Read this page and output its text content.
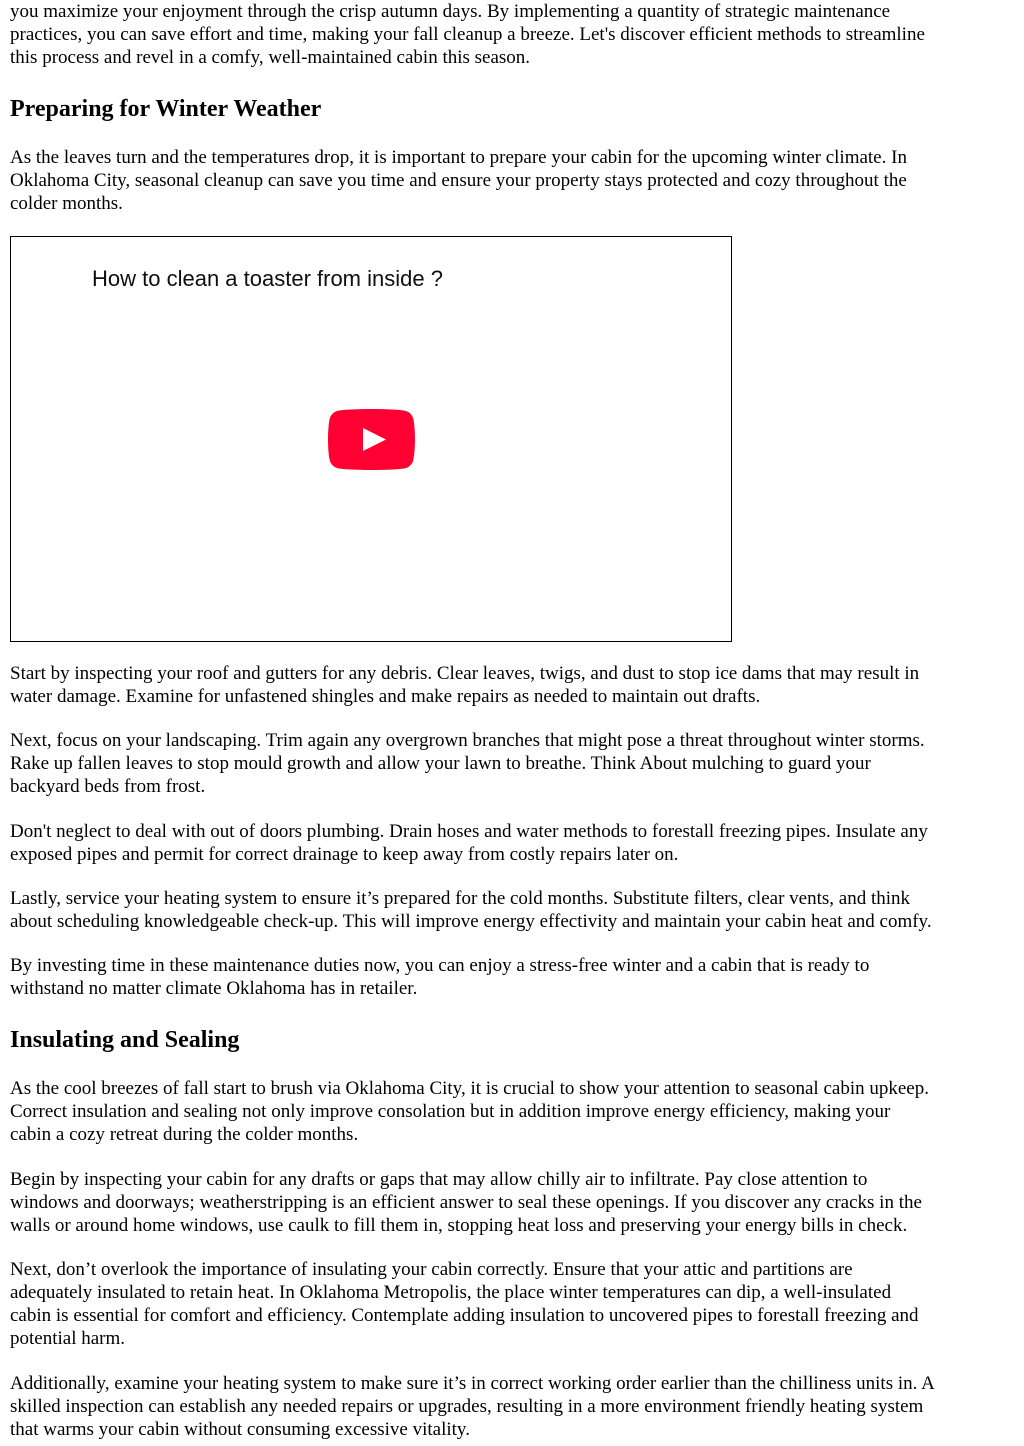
you maximize your enjoyment through the crisp autumn days. By implementing a quantity of strategic maintenance
practices, you can save effort and time, making your fall cleanup a breeze. Let's discover efficient methods to streamline
this process and revel in a comfy, well-maintained cabin this season.

Preparing for Winter Weather

As the leaves turn and the temperatures drop, it is important to prepare your cabin for the upcoming winter climate. In
Oklahoma City, seasonal cleanup can save you time and ensure your property stays protected and cozy throughout the
colder months.

How to clean a toaster from inside ?

Start by inspecting your roof and gutters for any debris. Clear leaves, twigs, and dust to stop ice dams that may result in
water damage. Examine for unfastened shingles and make repairs as needed to maintain out drafts.

Next, focus on your landscaping. Trim again any overgrown branches that might pose a threat throughout winter storms.
Rake up fallen leaves to stop mould growth and allow your lawn to breathe. Think About mulching to guard your
backyard beds from frost.

Don't neglect to deal with out of doors plumbing. Drain hoses and water methods to forestall freezing pipes. Insulate any
exposed pipes and permit for correct drainage to keep away from costly repairs later on.

Lastly, service your heating system to ensure it’s prepared for the cold months. Substitute filters, clear vents, and think
about scheduling knowledgeable check-up. This will improve energy effectivity and maintain your cabin heat and comfy.

By investing time in these maintenance duties now, you can enjoy a stress-free winter and a cabin that is ready to
withstand no matter climate Oklahoma has in retailer.

Insulating and Sealing

As the cool breezes of fall start to brush via Oklahoma City, it is crucial to show your attention to seasonal cabin upkeep.
Correct insulation and sealing not only improve consolation but in addition improve energy efficiency, making your
cabin a cozy retreat during the colder months.

Begin by inspecting your cabin for any drafts or gaps that may allow chilly air to infiltrate. Pay close attention to
windows and doorways; weatherstripping is an efficient answer to seal these openings. If you discover any cracks in the
walls or around home windows, use caulk to fill them in, stopping heat loss and preserving your energy bills in check.

Next, don’t overlook the importance of insulating your cabin correctly. Ensure that your attic and partitions are
adequately insulated to retain heat. In Oklahoma Metropolis, the place winter temperatures can dip, a well-insulated
cabin is essential for comfort and efficiency. Contemplate adding insulation to uncovered pipes to forestall freezing and
potential harm.

Additionally, examine your heating system to make sure it’s in correct working order earlier than the chilliness units in. A
skilled inspection can establish any needed repairs or upgrades, resulting in a more environment friendly heating system
that warms your cabin without consuming excessive vitality.
